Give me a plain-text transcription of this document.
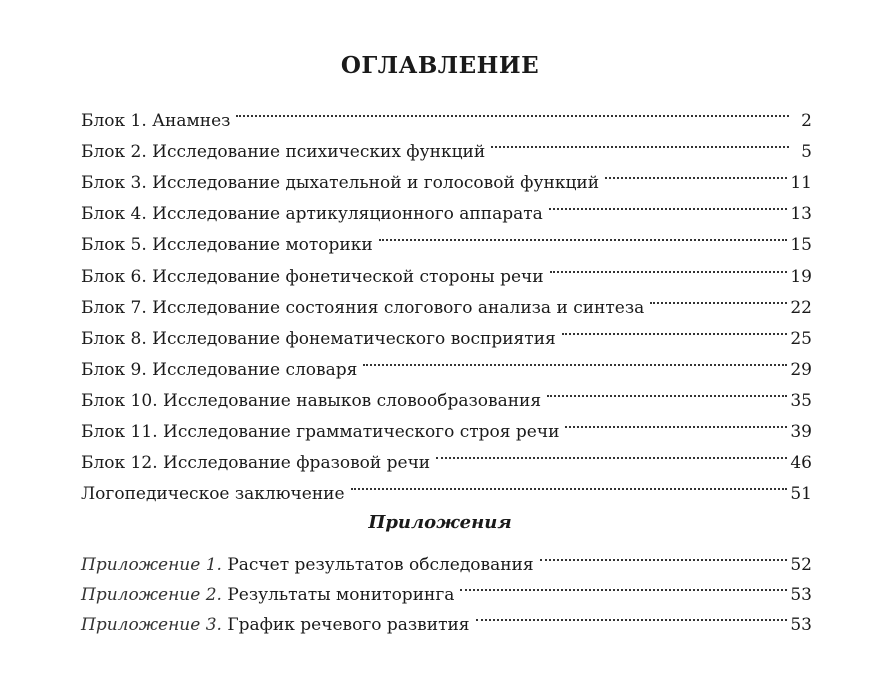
ОГЛАВЛЕНИЕ
Блок 1. Анамнез	2
Блок 2. Исследование психических функций	5
Блок 3. Исследование дыхательной и голосовой функций	11
Блок 4. Исследование артикуляционного аппарата	13
Блок 5. Исследование моторики	15
Блок 6. Исследование фонетической стороны речи	19
Блок 7. Исследование состояния слогового анализа и синтеза	22
Блок 8. Исследование фонематического восприятия	25
Блок 9. Исследование словаря	29
Блок 10. Исследование навыков словообразования	35
Блок 11. Исследование грамматического строя речи	39
Блок 12. Исследование фразовой речи	46
Логопедическое заключение	51
Приложения
Приложение 1. Расчет результатов обследования	52
Приложение 2. Результаты мониторинга	53
Приложение 3. График речевого развития	53
